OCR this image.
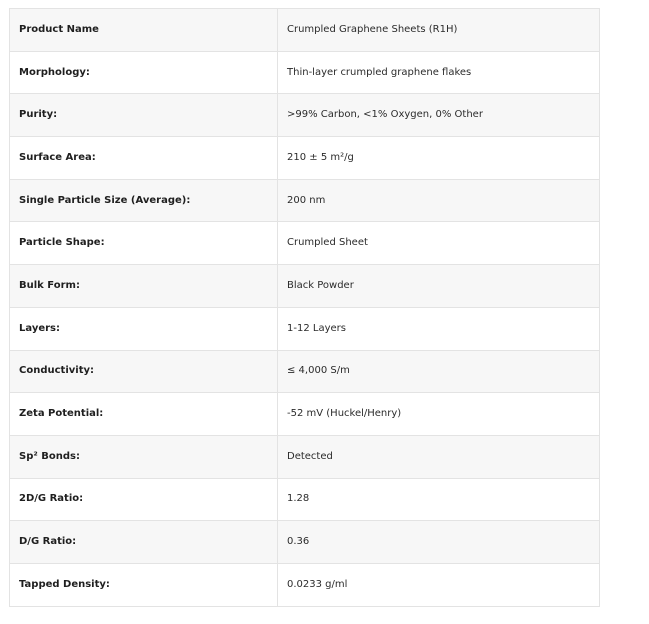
Product Name	Crumpled Graphene Sheets (R1H)
Morphology:	Thin-layer crumpled graphene flakes
Purity:	>99% Carbon, <1% Oxygen, 0% Other
Surface Area:	210 ± 5 m²/g
Single Particle Size (Average):	200 nm
Particle Shape:	Crumpled Sheet
Bulk Form:	Black Powder
Layers:	1-12 Layers
Conductivity:	≤ 4,000 S/m
Zeta Potential:	-52 mV (Huckel/Henry)
Sp² Bonds:	Detected
2D/G Ratio:	1.28
D/G Ratio:	0.36
Tapped Density:	0.0233 g/ml
